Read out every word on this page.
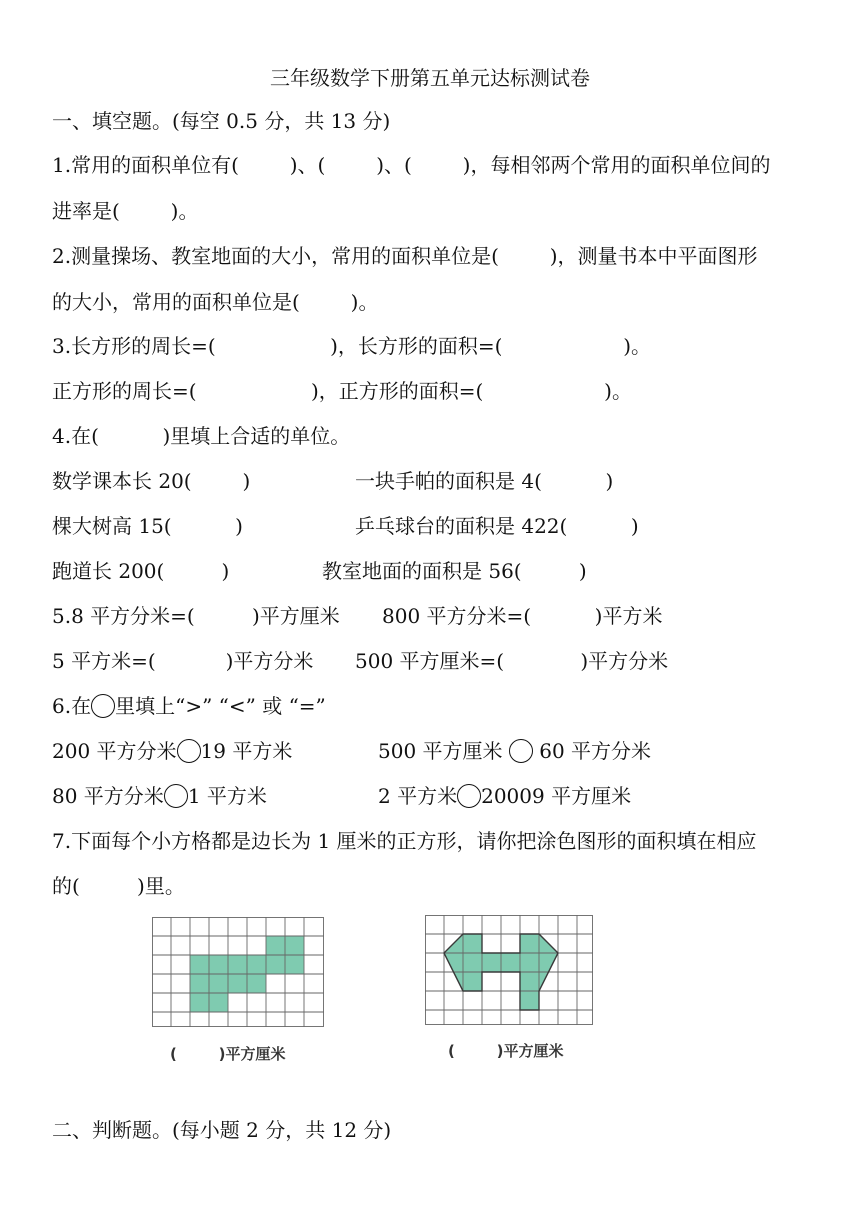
三年级数学下册第五单元达标测试卷
一、填空题。(每空 0.5 分，共 13 分)
1.常用的面积单位有(        )、(        )、(        )，每相邻两个常用的面积单位间的
进率是(        )。
2.测量操场、教室地面的大小，常用的面积单位是(        )，测量书本中平面图形
的大小，常用的面积单位是(        )。
3.长方形的周长=(                  )，长方形的面积=(                   )。
正方形的周长=(                  )，正方形的面积=(                   )。
4.在(          )里填上合适的单位。
数学课本长 20(        )	一块手帕的面积是 4(          )
棵大树高 15(          )	乒乓球台的面积是 422(          )
跑道长 200(         )	教室地面的面积是 56(         )
5.8 平方分米=(         )平方厘米 800 平方分米=(          )平方米
5 平方米=(           )平方分米 500 平方厘米=(            )平方分米
6.在 里填上“>” “<” 或 “=”
200 平方分米 19 平方米	500 平方厘米  60 平方分米
80 平方分米 1 平方米	2 平方米 20009 平方厘米
7.下面每个小方格都是边长为 1 厘米的正方形，请你把涂色图形的面积填在相应
的(         )里。
(        )平方厘米	(        )平方厘米
二、判断题。(每小题 2 分，共 12 分)
